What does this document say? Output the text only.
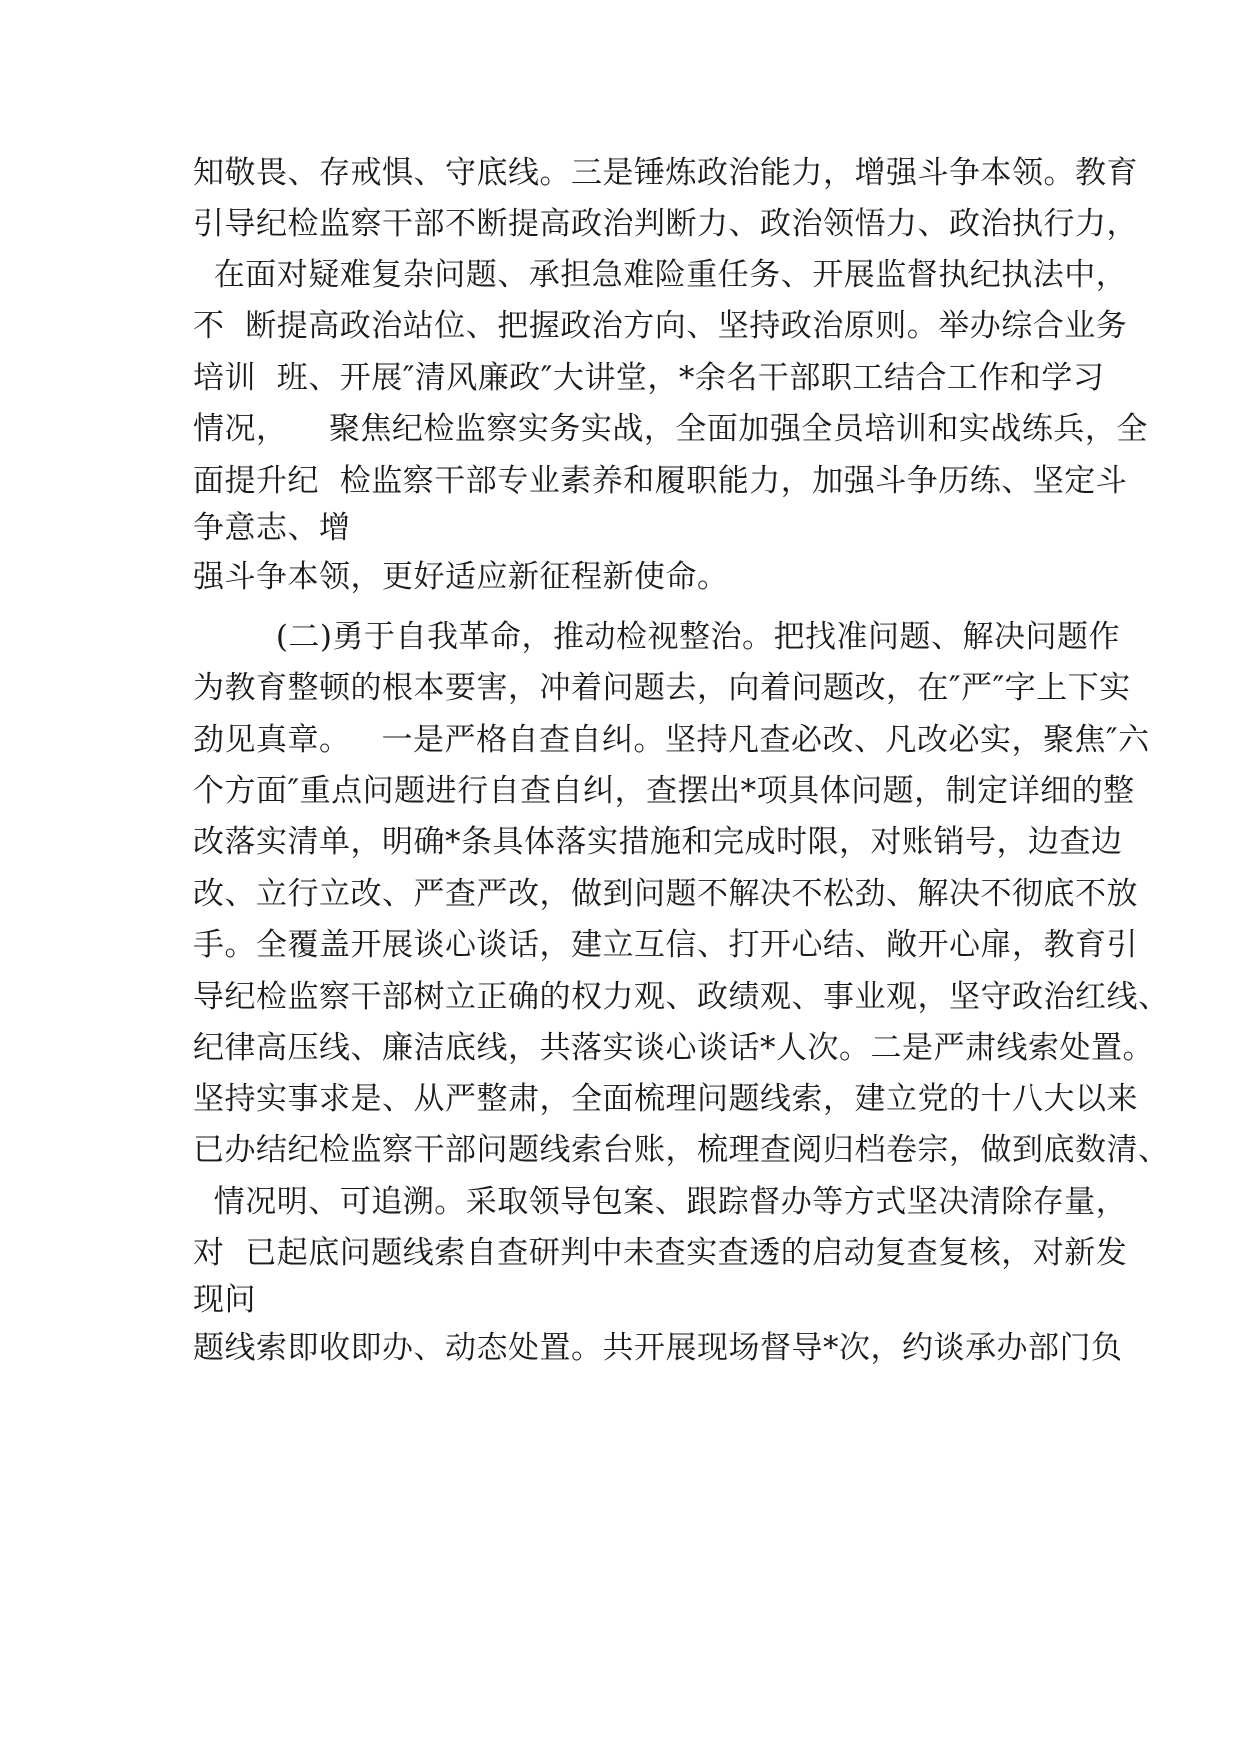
知敬畏、存戒惧、守底线。三是锤炼政治能力，增强斗争本领。教育

引导纪检监察干部不断提高政治判断力、政治领悟力、政治执行力，

在面对疑难复杂问题、承担急难险重任务、开展监督执纪执法中，

不  断提高政治站位、把握政治方向、坚持政治原则。举办综合业务

培训  班、开展″清风廉政″大讲堂，*余名干部职工结合工作和学习

情况，    聚焦纪检监察实务实战，全面加强全员培训和实战练兵，全

面提升纪  检监察干部专业素养和履职能力，加强斗争历练、坚定斗

争意志、增

强斗争本领，更好适应新征程新使命。

(二)勇于自我革命，推动检视整治。把找准问题、解决问题作

为教育整顿的根本要害，冲着问题去，向着问题改，在″严″字上下实

劲见真章。   一是严格自查自纠。坚持凡查必改、凡改必实，聚焦″六

个方面″重点问题进行自查自纠，查摆出*项具体问题，制定详细的整

改落实清单，明确*条具体落实措施和完成时限，对账销号，边查边

改、立行立改、严查严改，做到问题不解决不松劲、解决不彻底不放

手。全覆盖开展谈心谈话，建立互信、打开心结、敞开心扉，教育引

导纪检监察干部树立正确的权力观、政绩观、事业观，坚守政治红线、

纪律高压线、廉洁底线，共落实谈心谈话*人次。二是严肃线索处置。

坚持实事求是、从严整肃，全面梳理问题线索，建立党的十八大以来

已办结纪检监察干部问题线索台账，梳理查阅归档卷宗，做到底数清、

情况明、可追溯。采取领导包案、跟踪督办等方式坚决清除存量，

对  已起底问题线索自查研判中未查实查透的启动复查复核，对新发

现问

题线索即收即办、动态处置。共开展现场督导*次，约谈承办部门负
